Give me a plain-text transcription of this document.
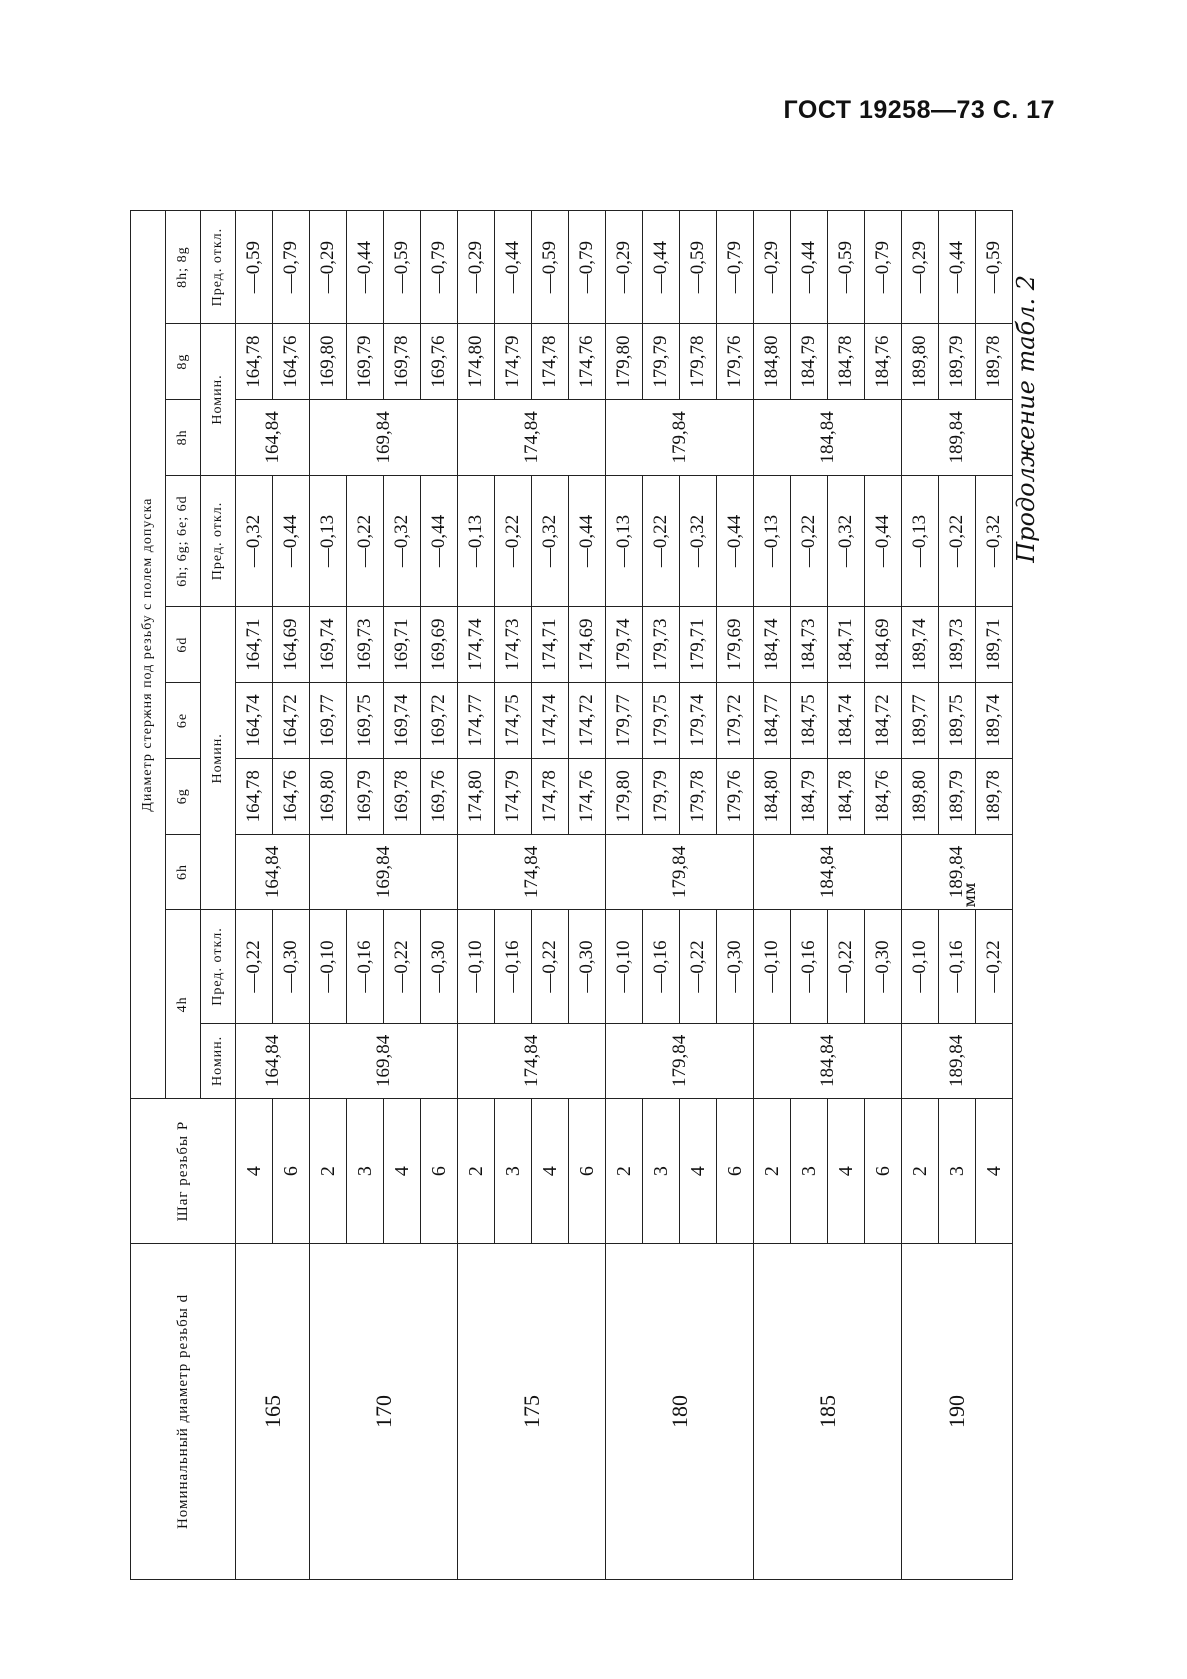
ГОСТ 19258—73 С. 17
Продолжение табл. 2
мм
Номинальный диаметр резьбы d	Шаг резьбы P	Диаметр стержня под резьбу с полем допуска									
		4h		6h	6g	6e	6d	6h; 6g; 6e; 6d	8h	8g	8h; 8g
		Номин.	Пред. откл.	Номин.				Пред. откл.	Номин.		Пред. откл.
165	4	164,84	—0,22	164,84	164,78	164,74	164,71	—0,32	164,84	164,78	—0,59
	6		—0,30		164,76	164,72	164,69	—0,44		164,76	—0,79
170	2	169,84	—0,10	169,84	169,80	169,77	169,74	—0,13	169,84	169,80	—0,29
	3		—0,16		169,79	169,75	169,73	—0,22		169,79	—0,44
	4		—0,22		169,78	169,74	169,71	—0,32		169,78	—0,59
	6		—0,30		169,76	169,72	169,69	—0,44		169,76	—0,79
175	2	174,84	—0,10	174,84	174,80	174,77	174,74	—0,13	174,84	174,80	—0,29
	3		—0,16		174,79	174,75	174,73	—0,22		174,79	—0,44
	4		—0,22		174,78	174,74	174,71	—0,32		174,78	—0,59
	6		—0,30		174,76	174,72	174,69	—0,44		174,76	—0,79
180	2	179,84	—0,10	179,84	179,80	179,77	179,74	—0,13	179,84	179,80	—0,29
	3		—0,16		179,79	179,75	179,73	—0,22		179,79	—0,44
	4		—0,22		179,78	179,74	179,71	—0,32		179,78	—0,59
	6		—0,30		179,76	179,72	179,69	—0,44		179,76	—0,79
185	2	184,84	—0,10	184,84	184,80	184,77	184,74	—0,13	184,84	184,80	—0,29
	3		—0,16		184,79	184,75	184,73	—0,22		184,79	—0,44
	4		—0,22		184,78	184,74	184,71	—0,32		184,78	—0,59
	6		—0,30		184,76	184,72	184,69	—0,44		184,76	—0,79
190	2	189,84	—0,10	189,84	189,80	189,77	189,74	—0,13	189,84	189,80	—0,29
	3		—0,16		189,79	189,75	189,73	—0,22		189,79	—0,44
	4		—0,22		189,78	189,74	189,71	—0,32		189,78	—0,59
